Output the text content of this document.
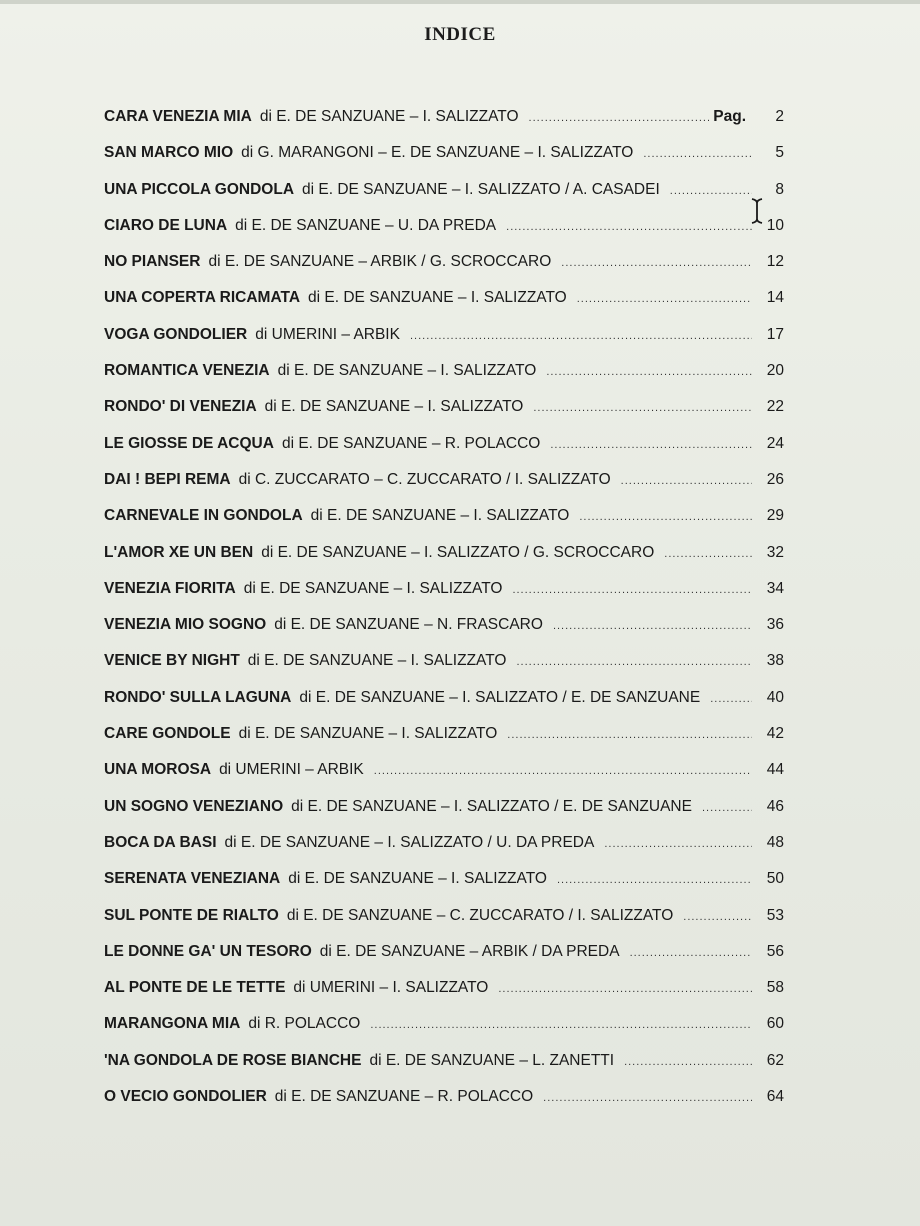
INDICE
CARA VENEZIA MIA di E. DE SANZUANE – I. SALIZZATO .....	Pag.	2
SAN MARCO MIO di G. MARANGONI – E. DE SANZUANE – I. SALIZZATO .....	5
UNA PICCOLA GONDOLA di E. DE SANZUANE – I. SALIZZATO / A. CASADEI .....	8
CIARO DE LUNA di E. DE SANZUANE – U. DA PREDA .....	10
NO PIANSER di E. DE SANZUANE – ARBIK / G. SCROCCARO .....	12
UNA COPERTA RICAMATA di E. DE SANZUANE – I. SALIZZATO .....	14
VOGA GONDOLIER di UMERINI – ARBIK .....	17
ROMANTICA VENEZIA di E. DE SANZUANE – I. SALIZZATO .....	20
RONDO' DI VENEZIA di E. DE SANZUANE – I. SALIZZATO .....	22
LE GIOSSE DE ACQUA di E. DE SANZUANE – R. POLACCO .....	24
DAI ! BEPI REMA di C. ZUCCARATO – C. ZUCCARATO / I. SALIZZATO .....	26
CARNEVALE IN GONDOLA di E. DE SANZUANE – I. SALIZZATO .....	29
L'AMOR XE UN BEN di E. DE SANZUANE – I. SALIZZATO / G. SCROCCARO .....	32
VENEZIA FIORITA di E. DE SANZUANE – I. SALIZZATO .....	34
VENEZIA MIO SOGNO di E. DE SANZUANE – N. FRASCARO .....	36
VENICE BY NIGHT di E. DE SANZUANE – I. SALIZZATO .....	38
RONDO' SULLA LAGUNA di E. DE SANZUANE – I. SALIZZATO / E. DE SANZUANE .....	40
CARE GONDOLE di E. DE SANZUANE – I. SALIZZATO .....	42
UNA MOROSA di UMERINI – ARBIK .....	44
UN SOGNO VENEZIANO di E. DE SANZUANE – I. SALIZZATO / E. DE SANZUANE .....	46
BOCA DA BASI di E. DE SANZUANE – I. SALIZZATO / U. DA PREDA .....	48
SERENATA VENEZIANA di E. DE SANZUANE – I. SALIZZATO .....	50
SUL PONTE DE RIALTO di E. DE SANZUANE – C. ZUCCARATO / I. SALIZZATO .....	53
LE DONNE GA' UN TESORO di E. DE SANZUANE – ARBIK / DA PREDA .....	56
AL PONTE DE LE TETTE di UMERINI – I. SALIZZATO .....	58
MARANGONA MIA di R. POLACCO .....	60
'NA GONDOLA DE ROSE BIANCHE di E. DE SANZUANE – L. ZANETTI .....	62
O VECIO GONDOLIER di E. DE SANZUANE – R. POLACCO .....	64
